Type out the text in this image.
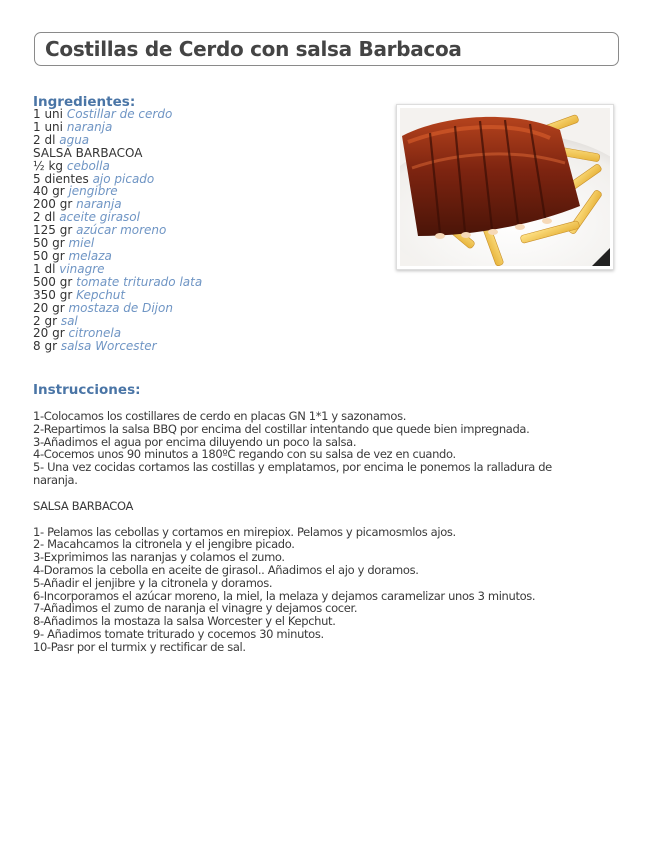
Costillas de Cerdo con salsa Barbacoa
Ingredientes:
1 uni Costillar de cerdo
1 uni naranja
2 dl agua
SALSA BARBACOA
½ kg cebolla
5 dientes ajo picado
40 gr jengibre
200 gr naranja
2 dl aceite girasol
125 gr azúcar moreno
50 gr miel
50 gr melaza
1 dl vinagre
500 gr tomate triturado lata
350 gr Kepchut
20 gr mostaza de Dijon
2 gr sal
20 gr citronela
8 gr salsa Worcester
Instrucciones:

1-Colocamos los costillares de cerdo en placas GN 1*1 y sazonamos.

2-Repartimos la salsa BBQ por encima del costillar intentando que quede bien impregnada.

3-Añadimos el agua por encima diluyendo un poco la salsa.

4-Cocemos unos 90 minutos a 180ºC regando con su salsa de vez en cuando.

5- Una vez cocidas cortamos las costillas y emplatamos, por encima le ponemos la ralladura de naranja.

SALSA BARBACOA

1- Pelamos las cebollas y cortamos en mirepiox. Pelamos y picamosmlos ajos.

2- Macahcamos la citronela y el jengibre picado.

3-Exprimimos las naranjas y colamos el zumo.

4-Doramos la cebolla en aceite de girasol.. Añadimos el ajo y doramos.

5-Añadir el jenjibre y la citronela y doramos.

6-Incorporamos el azúcar moreno, la miel, la melaza y dejamos caramelizar unos 3 minutos.

7-Añadimos el zumo de naranja el vinagre y dejamos cocer.

8-Añadimos la mostaza la salsa Worcester y el Kepchut.

9- Añadimos tomate triturado y cocemos 30 minutos.

10-Pasr por el turmix y rectificar de sal.
